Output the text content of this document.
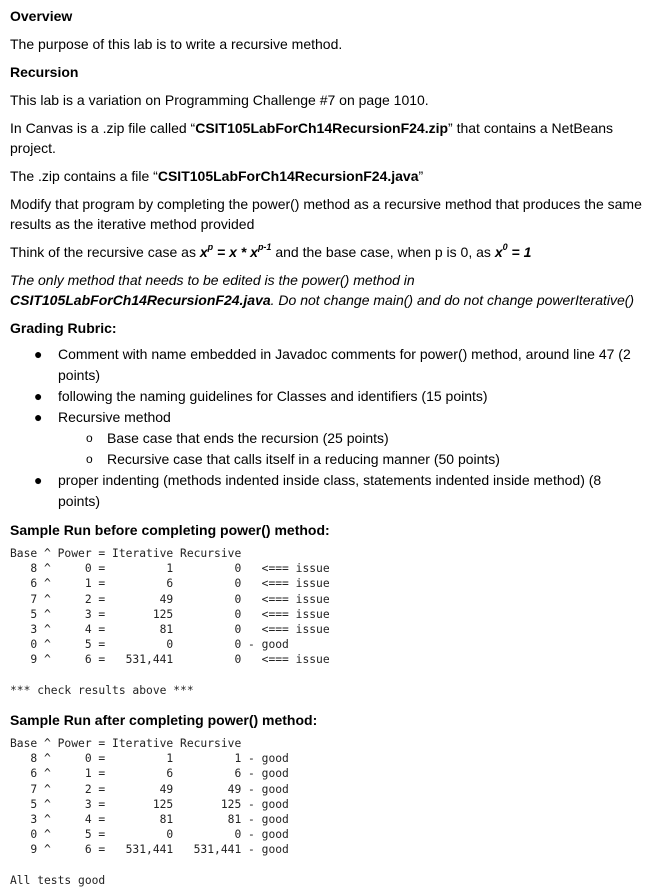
Overview

The purpose of this lab is to write a recursive method.

Recursion

This lab is a variation on Programming Challenge #7 on page 1010.

In Canvas is a .zip file called “CSIT105LabForCh14RecursionF24.zip” that contains a NetBeans project.

The .zip contains a file “CSIT105LabForCh14RecursionF24.java”

Modify that program by completing the power() method as a recursive method that produces the same results as the iterative method provided

Think of the recursive case as $x^p = x * x^{p-1}$ and the base case, when p is 0, as $x^0 = 1$

The only method that needs to be edited is the power() method in
CSIT105LabForCh14RecursionF24.java. Do not change main() and do not change powerIterative()

Grading Rubric:

● Comment with name embedded in Javadoc comments for power() method, around line 47 (2 points)
● following the naming guidelines for Classes and identifiers (15 points)
● Recursive method
o Base case that ends the recursion (25 points)
o Recursive case that calls itself in a reducing manner (50 points)
● proper indenting (methods indented inside class, statements indented inside method) (8 points)

Sample Run before completing power() method:

Base ^ Power = Iterative Recursive
8 ^     0 =         1         0   <=== issue
6 ^     1 =         6         0   <=== issue
7 ^     2 =        49         0   <=== issue
5 ^     3 =       125         0   <=== issue
3 ^     4 =        81         0   <=== issue
0 ^     5 =         0         0 - good
9 ^     6 =   531,441         0   <=== issue

*** check results above ***

Sample Run after completing power() method:

Base ^ Power = Iterative Recursive
8 ^     0 =         1         1 - good
6 ^     1 =         6         6 - good
7 ^     2 =        49        49 - good
5 ^     3 =       125       125 - good
3 ^     4 =        81        81 - good
0 ^     5 =         0         0 - good
9 ^     6 =   531,441   531,441 - good

All tests good
